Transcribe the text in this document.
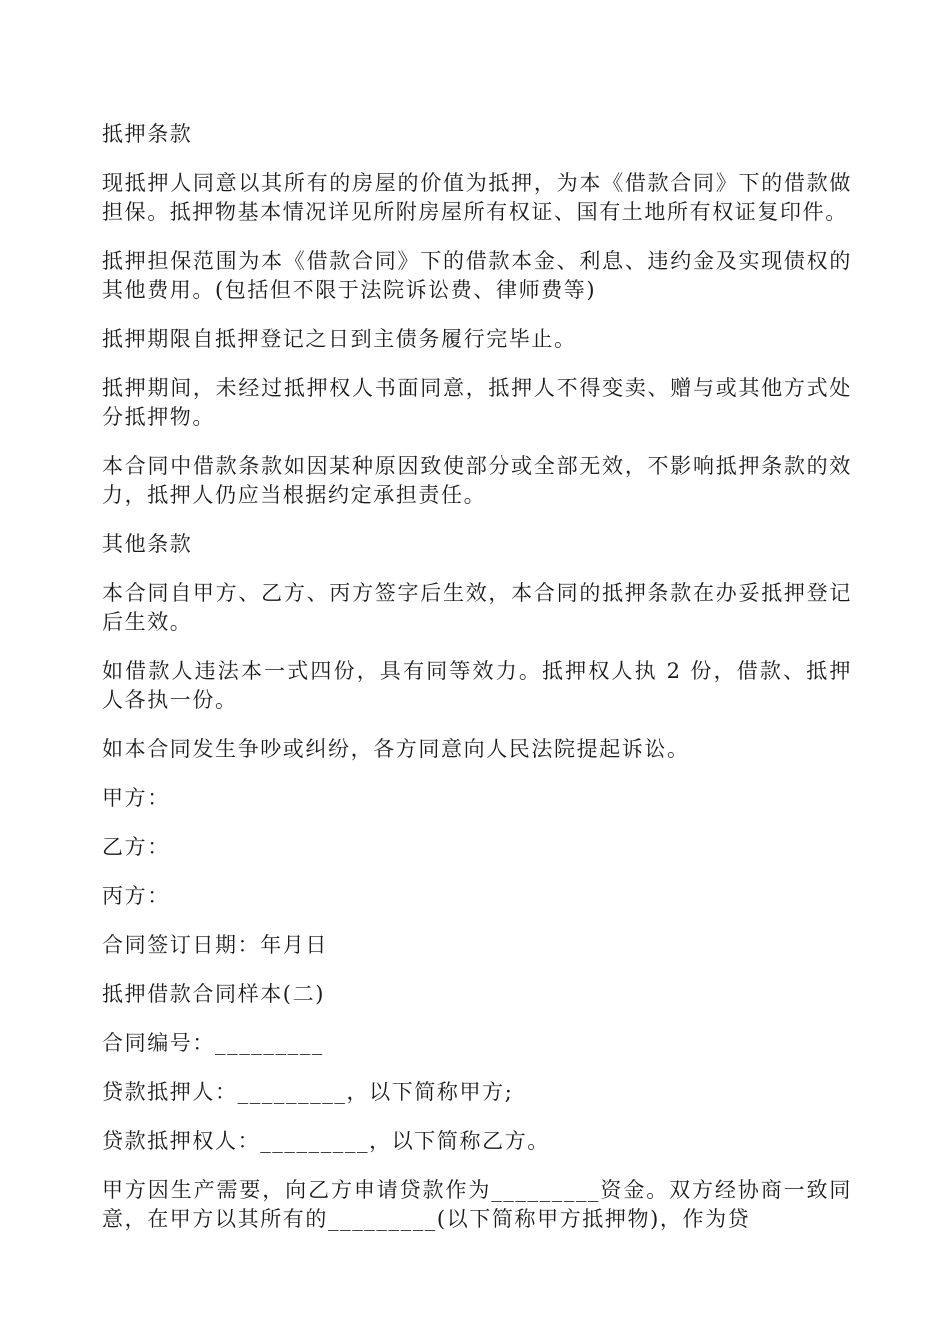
抵押条款

现抵押人同意以其所有的房屋的价值为抵押，为本《借款合同》下的借款做担保。抵押物基本情况详见所附房屋所有权证、国有土地所有权证复印件。

抵押担保范围为本《借款合同》下的借款本金、利息、违约金及实现债权的其他费用。(包括但不限于法院诉讼费、律师费等)

抵押期限自抵押登记之日到主债务履行完毕止。

抵押期间，未经过抵押权人书面同意，抵押人不得变卖、赠与或其他方式处分抵押物。

本合同中借款条款如因某种原因致使部分或全部无效，不影响抵押条款的效力，抵押人仍应当根据约定承担责任。

其他条款

本合同自甲方、乙方、丙方签字后生效，本合同的抵押条款在办妥抵押登记后生效。

如借款人违法本一式四份，具有同等效力。抵押权人执 2 份，借款、抵押人各执一份。

如本合同发生争吵或纠纷，各方同意向人民法院提起诉讼。

甲方：

乙方：

丙方：

合同签订日期：年月日

抵押借款合同样本(二)

合同编号：_________

贷款抵押人：_________，以下简称甲方;

贷款抵押权人：_________，以下简称乙方。

甲方因生产需要，向乙方申请贷款作为_________资金。双方经协商一致同意，在甲方以其所有的_________(以下简称甲方抵押物)，作为贷
